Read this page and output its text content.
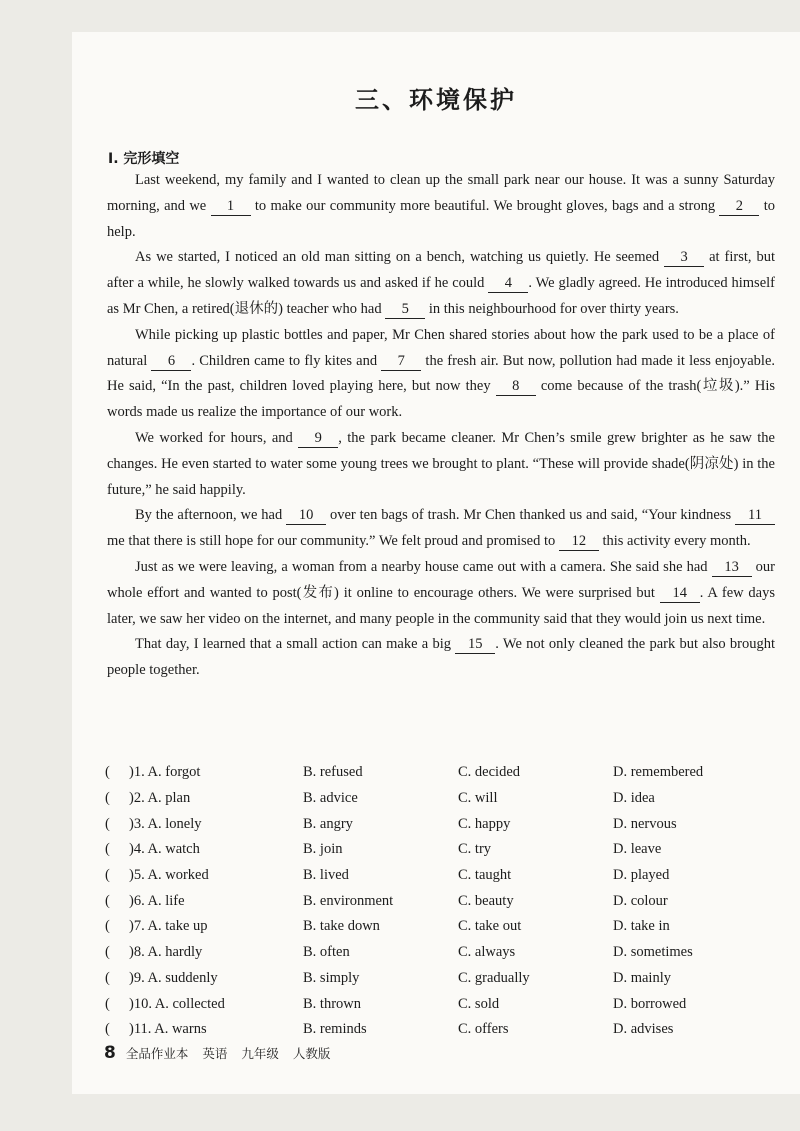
三、环境保护
Ⅰ. 完形填空

Last weekend, my family and I wanted to clean up the small park near our house. It was a sunny Saturday morning, and we 1 to make our community more beautiful. We brought gloves, bags and a strong 2 to help.

As we started, I noticed an old man sitting on a bench, watching us quietly. He seemed 3 at first, but after a while, he slowly walked towards us and asked if he could 4 . We gladly agreed. He introduced himself as Mr Chen, a retired(退休的) teacher who had 5 in this neighbourhood for over thirty years.

While picking up plastic bottles and paper, Mr Chen shared stories about how the park used to be a place of natural 6 . Children came to fly kites and 7 the fresh air. But now, pollution had made it less enjoyable. He said, “In the past, children loved playing here, but now they 8 come because of the trash(垃圾).” His words made us realize the importance of our work.

We worked for hours, and 9 , the park became cleaner. Mr Chen’s smile grew brighter as he saw the changes. He even started to water some young trees we brought to plant. “These will provide shade(阴凉处) in the future,” he said happily.

By the afternoon, we had 10 over ten bags of trash. Mr Chen thanked us and said, “Your kindness 11 me that there is still hope for our community.” We felt proud and promised to 12 this activity every month.

Just as we were leaving, a woman from a nearby house came out with a camera. She said she had 13 our whole effort and wanted to post(发布) it online to encourage others. We were surprised but 14 . A few days later, we saw her video on the internet, and many people in the community said that they would join us next time.

That day, I learned that a small action can make a big 15 . We not only cleaned the park but also brought people together.

( )1. A. forgot	B. refused	C. decided	D. remembered
( )2. A. plan	B. advice	C. will	D. idea
( )3. A. lonely	B. angry	C. happy	D. nervous
( )4. A. watch	B. join	C. try	D. leave
( )5. A. worked	B. lived	C. taught	D. played
( )6. A. life	B. environment	C. beauty	D. colour
( )7. A. take up	B. take down	C. take out	D. take in
( )8. A. hardly	B. often	C. always	D. sometimes
( )9. A. suddenly	B. simply	C. gradually	D. mainly
( )10. A. collected	B. thrown	C. sold	D. borrowed
( )11. A. warns	B. reminds	C. offers	D. advises
8 全品作业本 英语 九年级 人教版
